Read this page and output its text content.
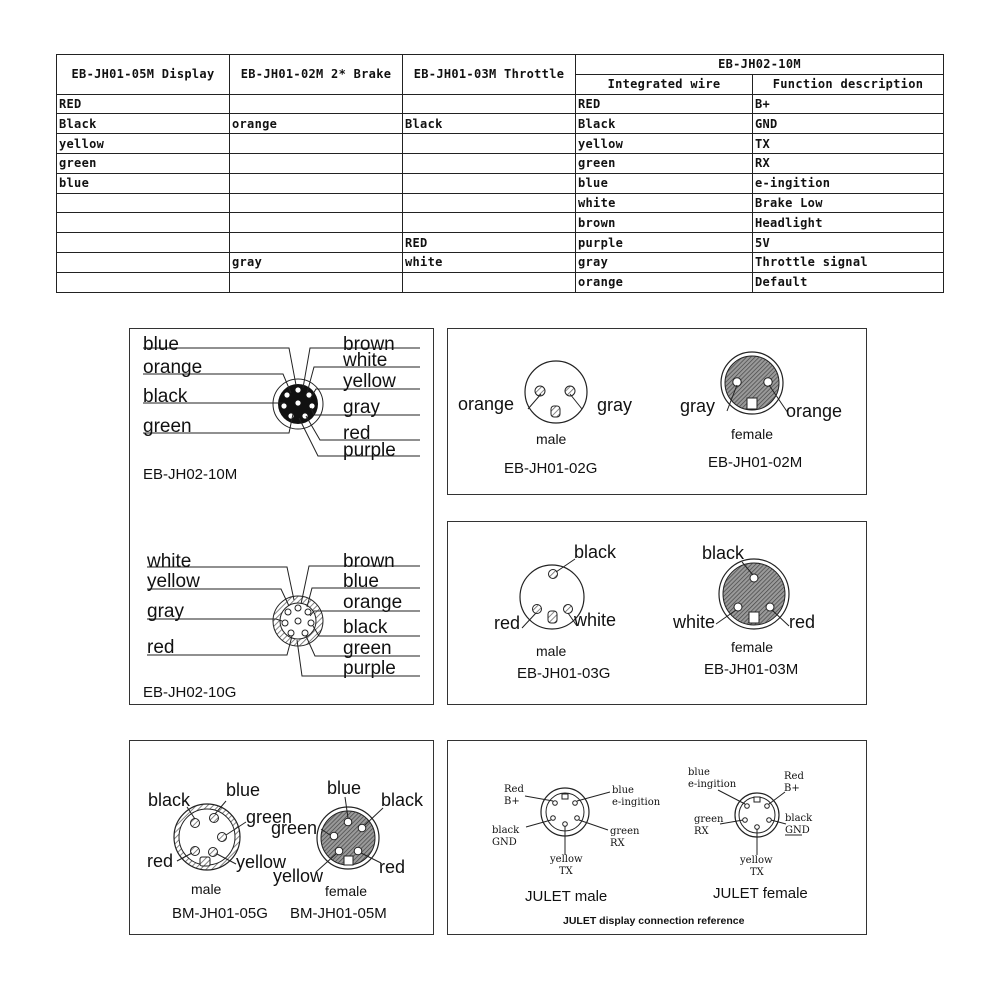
EB-JH01-05M Display	EB-JH01-02M 2* Brake	EB-JH01-03M Throttle	EB-JH02-10M	
			Integrated wire	Function description
RED			RED	B+
Black	orange	Black	Black	GND
yellow			yellow	TX
green			green	RX
blue			blue	e-ingition
			white	Brake Low
			brown	Headlight
		RED	purple	5V
	gray	white	gray	Throttle signal
			orange	Default
blue
orange
black
green
brown
white
yellow
gray
red
purple
EB-JH02-10M
white
yellow
gray
red
brown
blue
orange
black
green
purple
EB-JH02-10G
orange	gray
male
EB-JH01-02G
gray	orange
female
EB-JH01-02M
black
red	white
male
EB-JH01-03G
black
white	red
female
EB-JH01-03M
black blue
green
red	yellow
male
BM-JH01-05G
blue
black
green
yellow	red
female
BM-JH01-05M
Red
B+
blue
e-ingition
black
GND
green
RX
yellow
TX
JULET male
blue
e-ingition
Red
B+
green
RX
black
GND
yellow
TX
JULET female
JULET display connection reference
